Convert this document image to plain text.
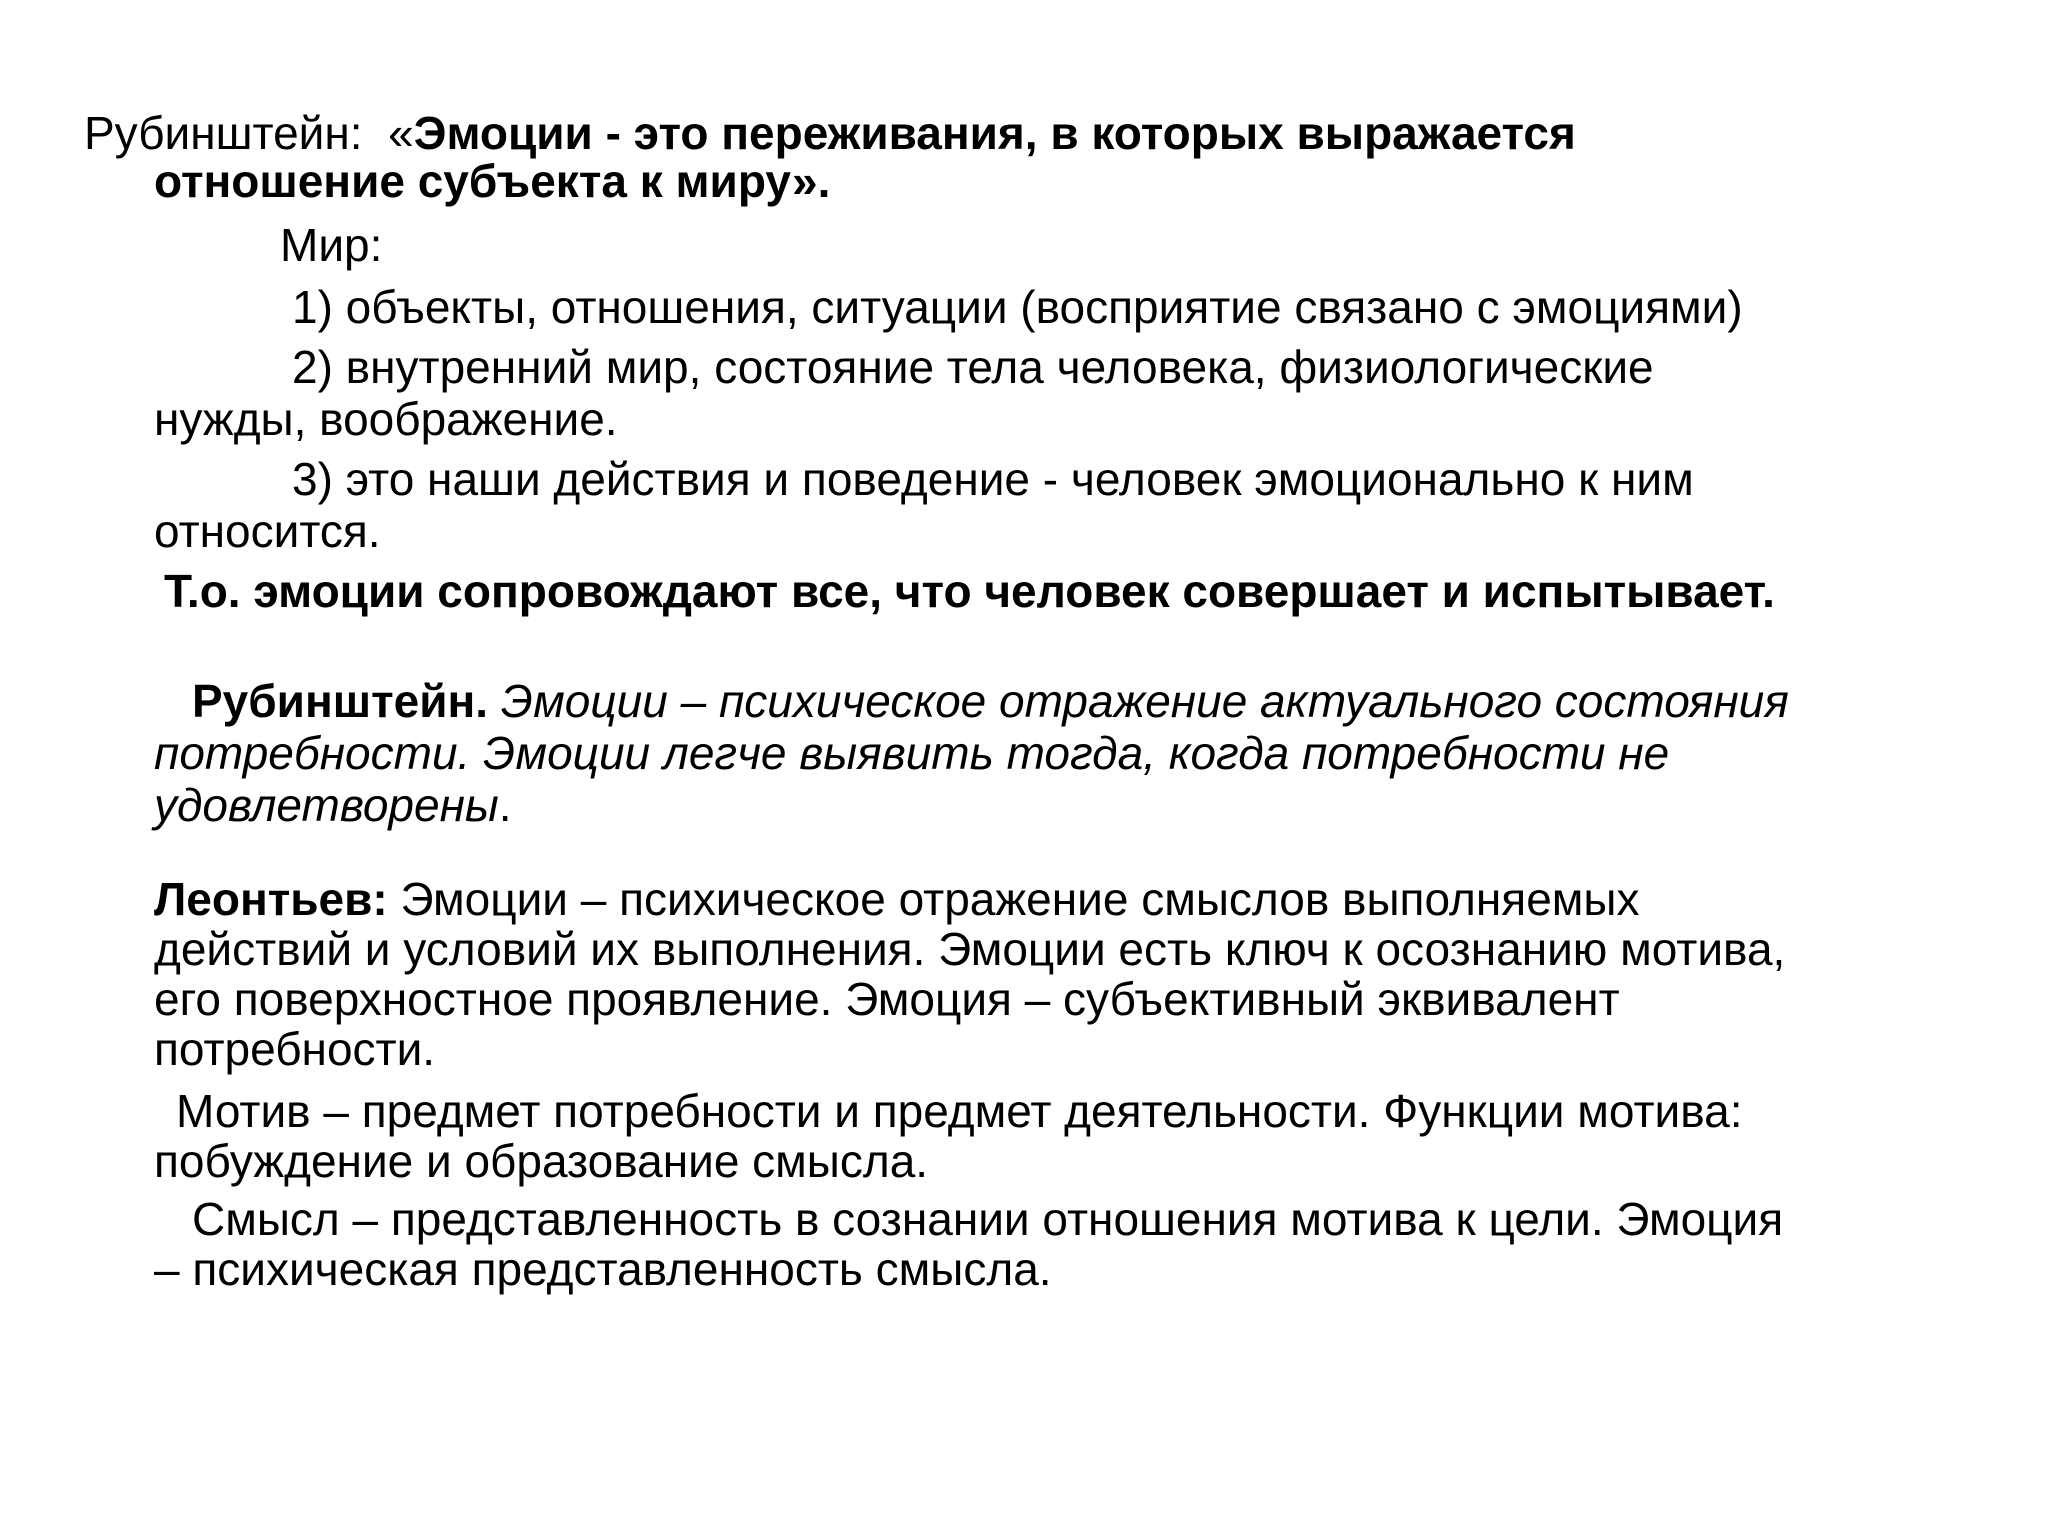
Рубинштейн: «Эмоции - это переживания, в которых выражается
отношение субъекта к миру».
Мир:
1) объекты, отношения, ситуации (восприятие связано с эмоциями)
2) внутренний мир, состояние тела человека, физиологические
нужды, воображение.
3) это наши действия и поведение - человек эмоционально к ним
относится.
Т.о. эмоции сопровождают все, что человек совершает и испытывает.
Рубинштейн. Эмоции – психическое отражение актуального состояния
потребности. Эмоции легче выявить тогда, когда потребности не
удовлетворены.
Леонтьев: Эмоции – психическое отражение смыслов выполняемых
действий и условий их выполнения. Эмоции есть ключ к осознанию мотива,
его поверхностное проявление. Эмоция – субъективный эквивалент
потребности.
Мотив – предмет потребности и предмет деятельности. Функции мотива:
побуждение и образование смысла.
Смысл – представленность в сознании отношения мотива к цели. Эмоция
– психическая представленность смысла.
